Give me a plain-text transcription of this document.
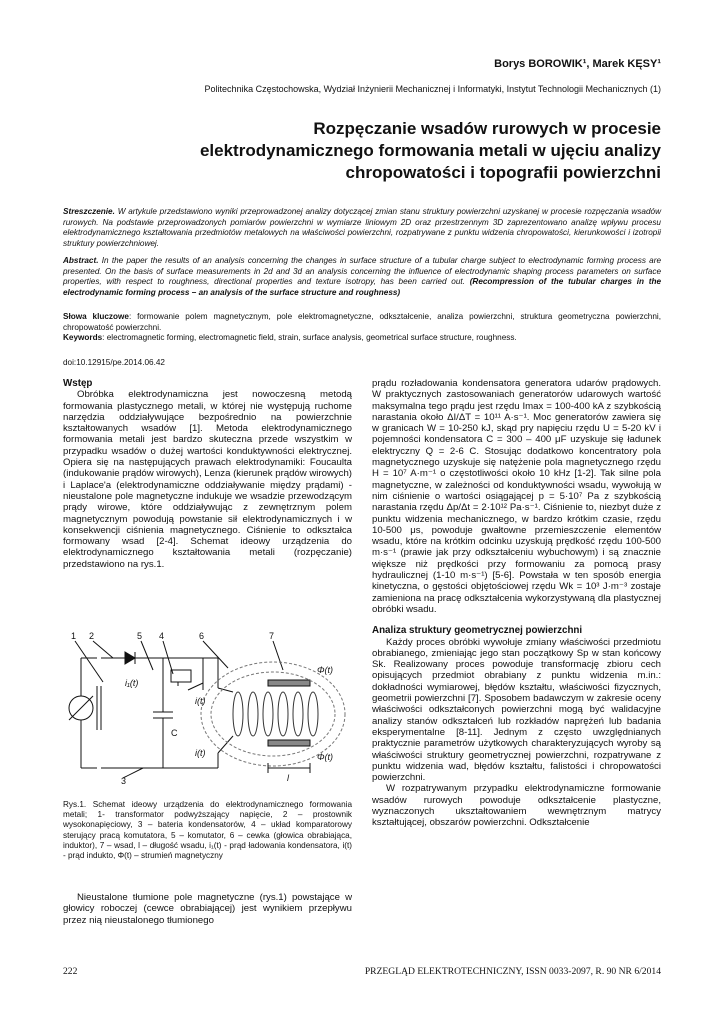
Borys BOROWIK¹, Marek KĘSY¹
Politechnika Częstochowska, Wydział Inżynierii Mechanicznej i Informatyki, Instytut Technologii Mechanicznych (1)
Rozpęczanie wsadów rurowych w procesie
elektrodynamicznego formowania metali w ujęciu analizy
chropowatości i topografii powierzchni
Streszczenie. W artykule przedstawiono wyniki przeprowadzonej analizy dotyczącej zmian stanu struktury powierzchni uzyskanej w procesie rozpęczania wsadów rurowych. Na podstawie przeprowadzonych pomiarów powierzchni w wymiarze liniowym 2D oraz przestrzennym 3D zaprezentowano analizę wpływu procesu elektrodynamicznego kształtowania przedmiotów metalowych na właściwości powierzchni, rozpatrywane z punktu widzenia chropowatości, kierunkowości i izotropii struktury powierzchniowej.
Abstract. In the paper the results of an analysis concerning the changes in surface structure of a tubular charge subject to electrodynamic forming process are presented. On the basis of surface measurements in 2d and 3d an analysis concerning the influence of electrodynamic shaping process parameters on surface properties, with respect to roughness, directional properties and texture isotropy, has been carried out. (Recompression of the tubular charges in the electrodynamic forming process – an analysis of the surface structure and roughness)
Słowa kluczowe: formowanie polem magnetycznym, pole elektromagnetyczne, odkształcenie, analiza powierzchni, struktura geometryczna powierzchni, chropowatość powierzchni.
Keywords: electromagnetic forming, electromagnetic field, strain, surface analysis, geometrical surface structure, roughness.
doi:10.12915/pe.2014.06.42
Wstęp

Obróbka elektrodynamiczna jest nowoczesną metodą formowania plastycznego metali, w której nie występują ruchome narzędzia oddziaływujące bezpośrednio na powierzchnie kształtowanych wsadów [1]. Metoda elektrodynamicznego formowania metali jest bardzo skuteczna przede wszystkim w przypadku wsadów o dużej wartości konduktywności elektrycznej. Opiera się na następujących prawach elektrodynamiki: Foucaulta (indukowanie prądów wirowych), Lenza (kierunek prądów wirowych) i Laplace'a (elektrodynamiczne oddziaływanie między prądami) - nieustalone pole magnetyczne indukuje we wsadzie przewodzącym prądy wirowe, które oddziaływując z zewnętrznym polem magnetycznym powodują powstanie sił elektrodynamicznych i w konsekwencji ciśnienia magnetycznego. Ciśnienie to odkształca formowany wsad [2-4]. Schemat ideowy urządzenia do elektrodynamicznego kształtowania metali (rozpęczanie) przedstawiono na rys.1.

1 2	5 4	6	7
i₁(t)
i(t)
i(t)
C
Φ(t)
Φ(t)
l
3
Rys.1. Schemat ideowy urządzenia do elektrodynamicznego formowania metali; 1- transformator podwyższający napięcie, 2 – prostownik wysokonapięciowy, 3 – bateria kondensatorów, 4 – układ komparatorowy sterujący pracą komutatora, 5 – komutator, 6 – cewka (głowica obrabiająca, induktor), 7 – wsad, l – długość wsadu, i₁(t) - prąd ładowania kondensatora, i(t) - prąd indukto, Φ(t) – strumień magnetyczny

Nieustalone tłumione pole magnetyczne (rys.1) powstające w głowicy roboczej (cewce obrabiającej) jest wynikiem przepływu przez nią nieustalonego tłumionego

prądu rozładowania kondensatora generatora udarów prądowych. W praktycznych zastosowaniach generatorów udarowych wartość maksymalna tego prądu jest rzędu Imax = 100-400 kA z szybkością narastania około ΔI/ΔT = 10¹¹ A·s⁻¹. Moc generatorów zawiera się w granicach W = 10-250 kJ, skąd pry napięciu rzędu U = 5-20 kV i pojemności kondensatora C = 300 – 400 μF uzyskuje się ładunek elektryczny Q = 2-6 C. Stosując dodatkowo koncentratory pola magnetycznego uzyskuje się natężenie pola magnetycznego rzędu H = 10⁷ A·m⁻¹ o częstotliwości około 10 kHz [1-2]. Tak silne pola magnetyczne, w zależności od konduktywności wsadu, wywołują w nim ciśnienie o wartości osiągającej p = 5·10⁷ Pa z szybkością narastania rzędu Δp/Δt = 2·10¹² Pa·s⁻¹. Ciśnienie to, niezbyt duże z punktu widzenia mechanicznego, w bardzo krótkim czasie, rzędu 10-500 μs, powoduje gwałtowne przemieszczenie elementów wsadu, które na krótkim odcinku uzyskują prędkość rzędu 100-500 m·s⁻¹ (prawie jak przy odkształceniu wybuchowym) i są znacznie większe niż prędkości przy formowaniu za pomocą prasy hydraulicznej (1-10 m·s⁻¹) [5-6]. Powstała w ten sposób energia kinetyczna, o gęstości objętościowej rzędu Wk = 10³ J·m⁻³ zostaje zamieniona na pracę odkształcenia wykorzystywaną dla plastycznej obróbki wsadu.

Analiza struktury geometrycznej powierzchni

Każdy proces obróbki wywołuje zmiany właściwości przedmiotu obrabianego, zmieniając jego stan początkowy Sp w stan końcowy Sk. Realizowany proces powoduje transformację zbioru cech opisujących przedmiot obrabiany z punktu widzenia m.in.: dokładności wymiarowej, błędów kształtu, właściwości fizycznych, geometrii powierzchni [7]. Sposobem badawczym w zakresie oceny właściwości odkształconych powierzchni mogą być walidacyjne analizy stanów odkształceń lub rozkładów naprężeń lub badania eksperymentalne [8-11]. Jednym z często uwzględnianych praktycznie parametrów użytkowych charakteryzujących wyroby są właściwości struktury geometrycznej powierzchni, rozpatrywane z punktu widzenia wad, błędów kształtu, falistości i chropowatości powierzchni.

W rozpatrywanym przypadku elektrodynamiczne formowanie wsadów rurowych powoduje odkształcenie plastyczne, wyznaczonych ukształtowaniem wewnętrznym matrycy kształtującej, obszarów powierzchni. Odkształcenie

222	PRZEGLĄD ELEKTROTECHNICZNY, ISSN 0033-2097, R. 90 NR 6/2014
